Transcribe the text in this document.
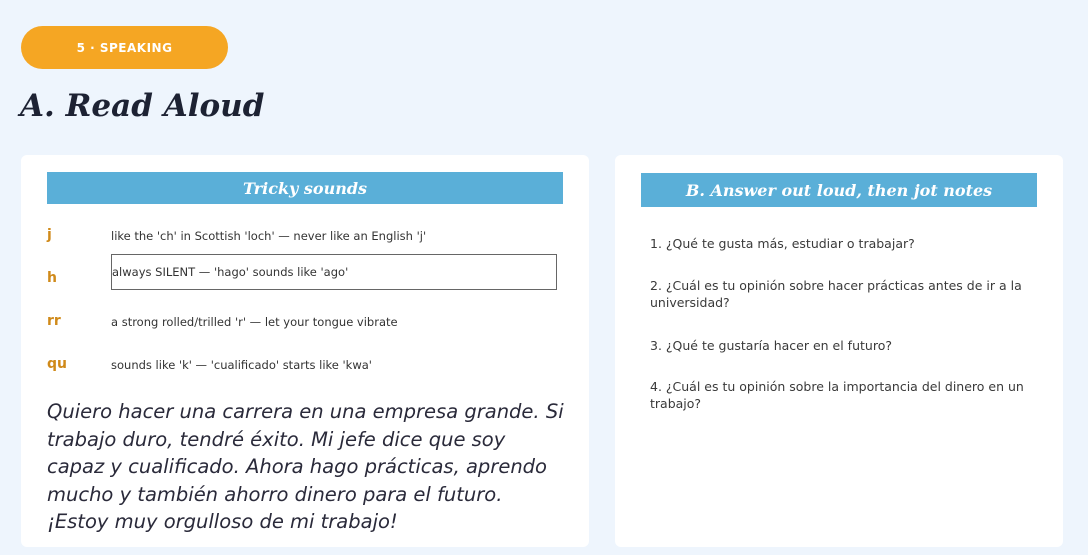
5 · SPEAKING
A. Read Aloud
Tricky sounds
j	like the 'ch' in Scottish 'loch' — never like an English 'j'
h	always SILENT — 'hago' sounds like 'ago'
rr	a strong rolled/trilled 'r' — let your tongue vibrate
qu	sounds like 'k' — 'cualificado' starts like 'kwa'

Quiero hacer una carrera en una empresa grande. Si trabajo duro, tendré éxito. Mi jefe dice que soy capaz y cualificado. Ahora hago prácticas, aprendo mucho y también ahorro dinero para el futuro. ¡Estoy muy orgulloso de mi trabajo!

B. Answer out loud, then jot notes

1. ¿Qué te gusta más, estudiar o trabajar?

2. ¿Cuál es tu opinión sobre hacer prácticas antes de ir a la universidad?

3. ¿Qué te gustaría hacer en el futuro?

4. ¿Cuál es tu opinión sobre la importancia del dinero en un trabajo?
